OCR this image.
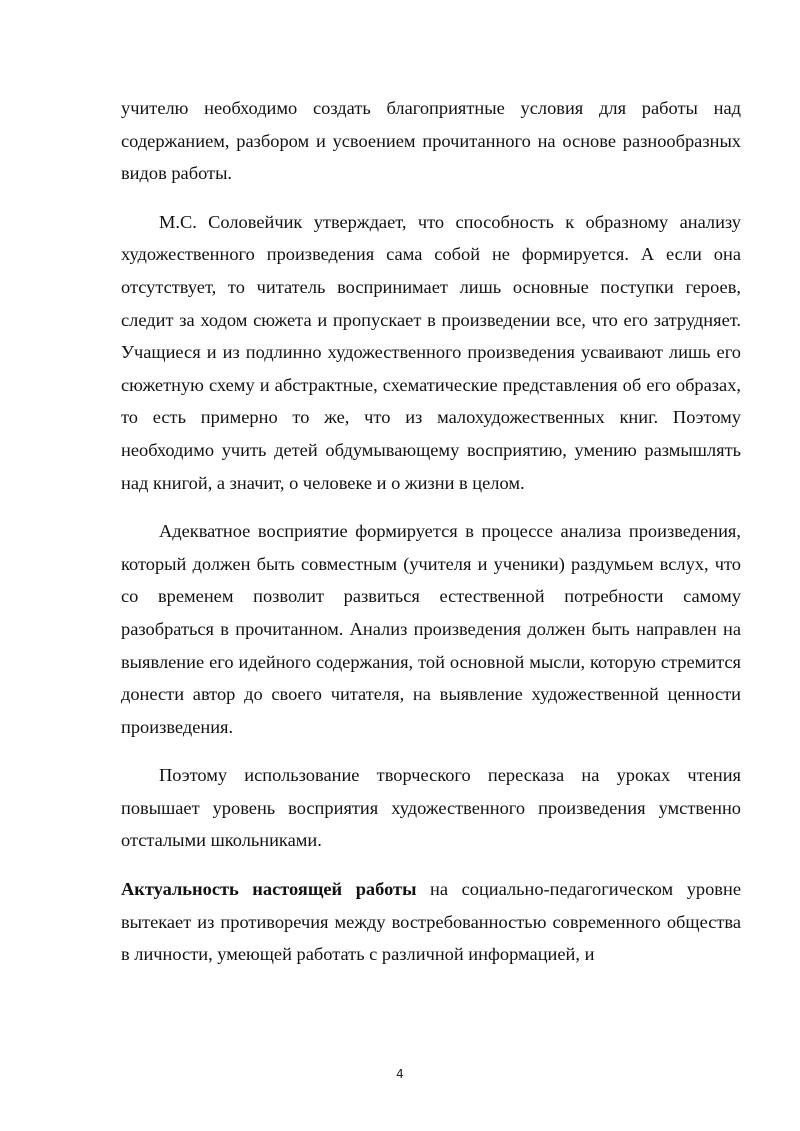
учителю необходимо создать благоприятные условия для работы над содержанием, разбором и усвоением прочитанного на основе разнообразных видов работы.

М.С. Соловейчик утверждает, что способность к образному анализу художественного произведения сама собой не формируется. А если она отсутствует, то читатель воспринимает лишь основные поступки героев, следит за ходом сюжета и пропускает в произведении все, что его затрудняет. Учащиеся и из подлинно художественного произведения усваивают лишь его сюжетную схему и абстрактные, схематические представления об его образах, то есть примерно то же, что из малохудожественных книг. Поэтому необходимо учить детей обдумывающему восприятию, умению размышлять над книгой, а значит, о человеке и о жизни в целом.

Адекватное восприятие формируется в процессе анализа произведения, который должен быть совместным (учителя и ученики) раздумьем вслух, что со временем позволит развиться естественной потребности самому разобраться в прочитанном. Анализ произведения должен быть направлен на выявление его идейного содержания, той основной мысли, которую стремится донести автор до своего читателя, на выявление художественной ценности произведения.

Поэтому использование творческого пересказа на уроках чтения повышает уровень восприятия художественного произведения умственно отсталыми школьниками.

Актуальность настоящей работы на социально-педагогическом уровне вытекает из противоречия между востребованностью современного общества в личности, умеющей работать с различной информацией, и

4
